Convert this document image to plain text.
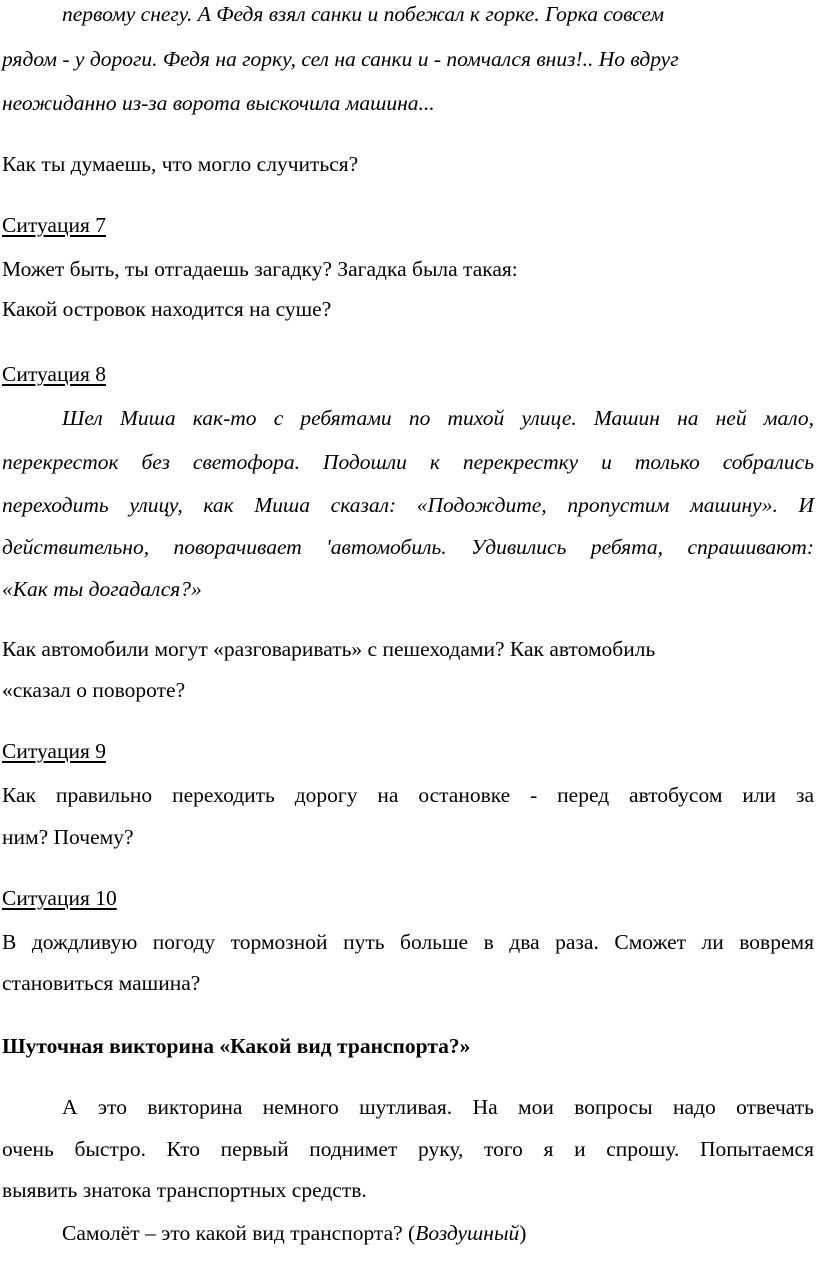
первому снегу. А Федя взял санки и побежал к горке. Горка совсем
рядом - у дороги. Федя на горку, сел на санки и - помчался вниз!.. Но вдруг
неожиданно из-за ворота выскочила машина...
Как ты думаешь, что могло случиться?
Ситуация 7
Может быть, ты отгадаешь загадку? Загадка была такая:
Какой островок находится на суше?
Ситуация 8
Шел Миша как-то с ребятами по тихой улице. Машин на ней мало,
перекресток без светофора. Подошли к перекрестку и только собрались
переходить улицу, как Миша сказал: «Подождите, пропустим машину». И
действительно, поворачивает 'автомобиль. Удивились ребята, спрашивают:
«Как ты догадался?»
Как автомобили могут «разговаривать» с пешеходами? Как автомобиль
«сказал о повороте?
Ситуация 9
Как правильно переходить дорогу на остановке - перед автобусом или за
ним? Почему?
Ситуация 10
В дождливую погоду тормозной путь больше в два раза. Сможет ли вовремя
становиться машина?
Шуточная викторина «Какой вид транспорта?»
А это викторина немного шутливая. На мои вопросы надо отвечать
очень быстро. Кто первый поднимет руку, того я и спрошу. Попытаемся
выявить знатока транспортных средств.
Самолёт – это какой вид транспорта? (Воздушный)
